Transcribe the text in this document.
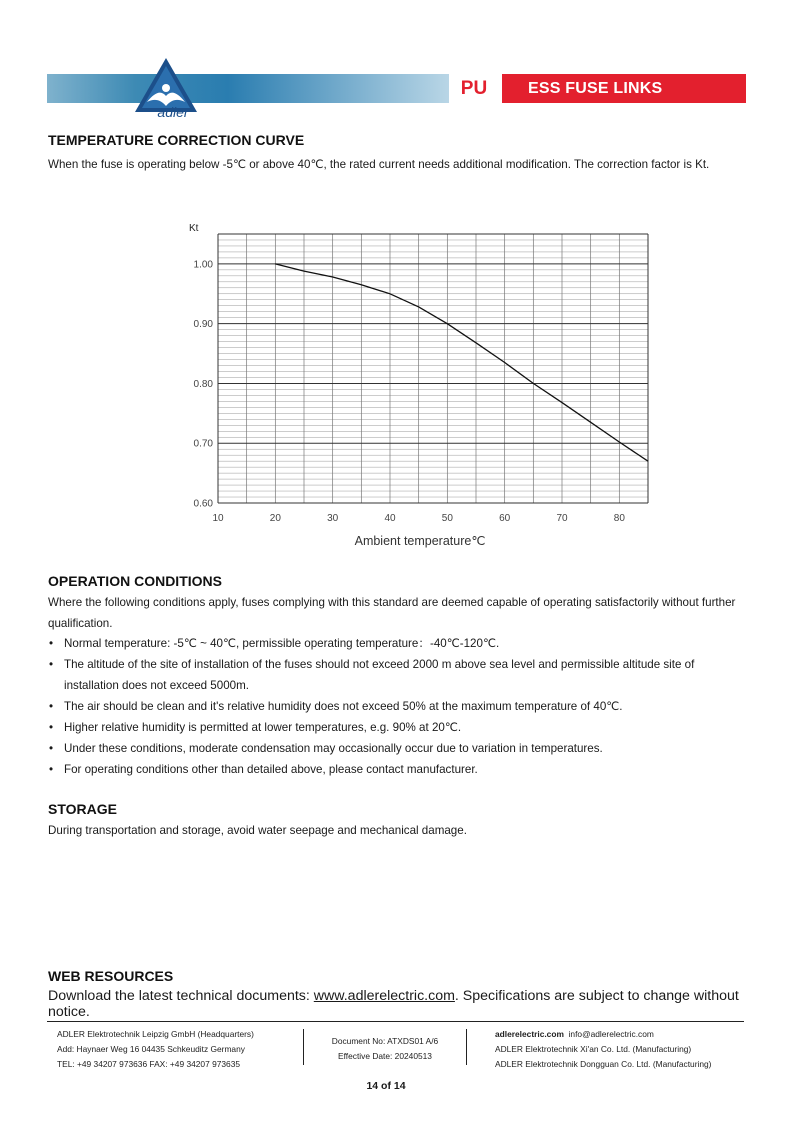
PU	ESS FUSE LINKS
adler
TEMPERATURE CORRECTION CURVE

When the fuse is operating below -5℃ or above 40℃, the rated current needs additional modification. The correction factor is Kt.

0.60
0.70
0.80
0.90
1.00
10	20	30	40	50	60	70	80
Kt
Ambient temperature℃
OPERATION CONDITIONS

Where the following conditions apply, fuses complying with this standard are deemed capable of operating satisfactorily without further qualification.

• Normal temperature: -5℃ ~ 40℃, permissible operating temperature：-40℃-120℃.
• The altitude of the site of installation of the fuses should not exceed 2000 m above sea level and permissible altitude site of installation does not exceed 5000m.
• The air should be clean and it's relative humidity does not exceed 50% at the maximum temperature of 40℃.
• Higher relative humidity is permitted at lower temperatures, e.g. 90% at 20℃.
• Under these conditions, moderate condensation may occasionally occur due to variation in temperatures.
• For operating conditions other than detailed above, please contact manufacturer.
STORAGE

During transportation and storage, avoid water seepage and mechanical damage.

WEB RESOURCES
Download the latest technical documents: www.adlerelectric.com. Specifications are subject to change without notice.
ADLER Elektrotechnik Leipzig GmbH (Headquarters)
Add: Haynaer Weg 16 04435 Schkeuditz Germany
TEL: +49 34207 973636 FAX: +49 34207 973635
Document No: ATXDS01 A/6
Effective Date: 20240513
adlerelectric.com info@adlerelectric.com
ADLER Elektrotechnik Xi'an Co. Ltd. (Manufacturing)
ADLER Elektrotechnik Dongguan Co. Ltd. (Manufacturing)
14 of 14
